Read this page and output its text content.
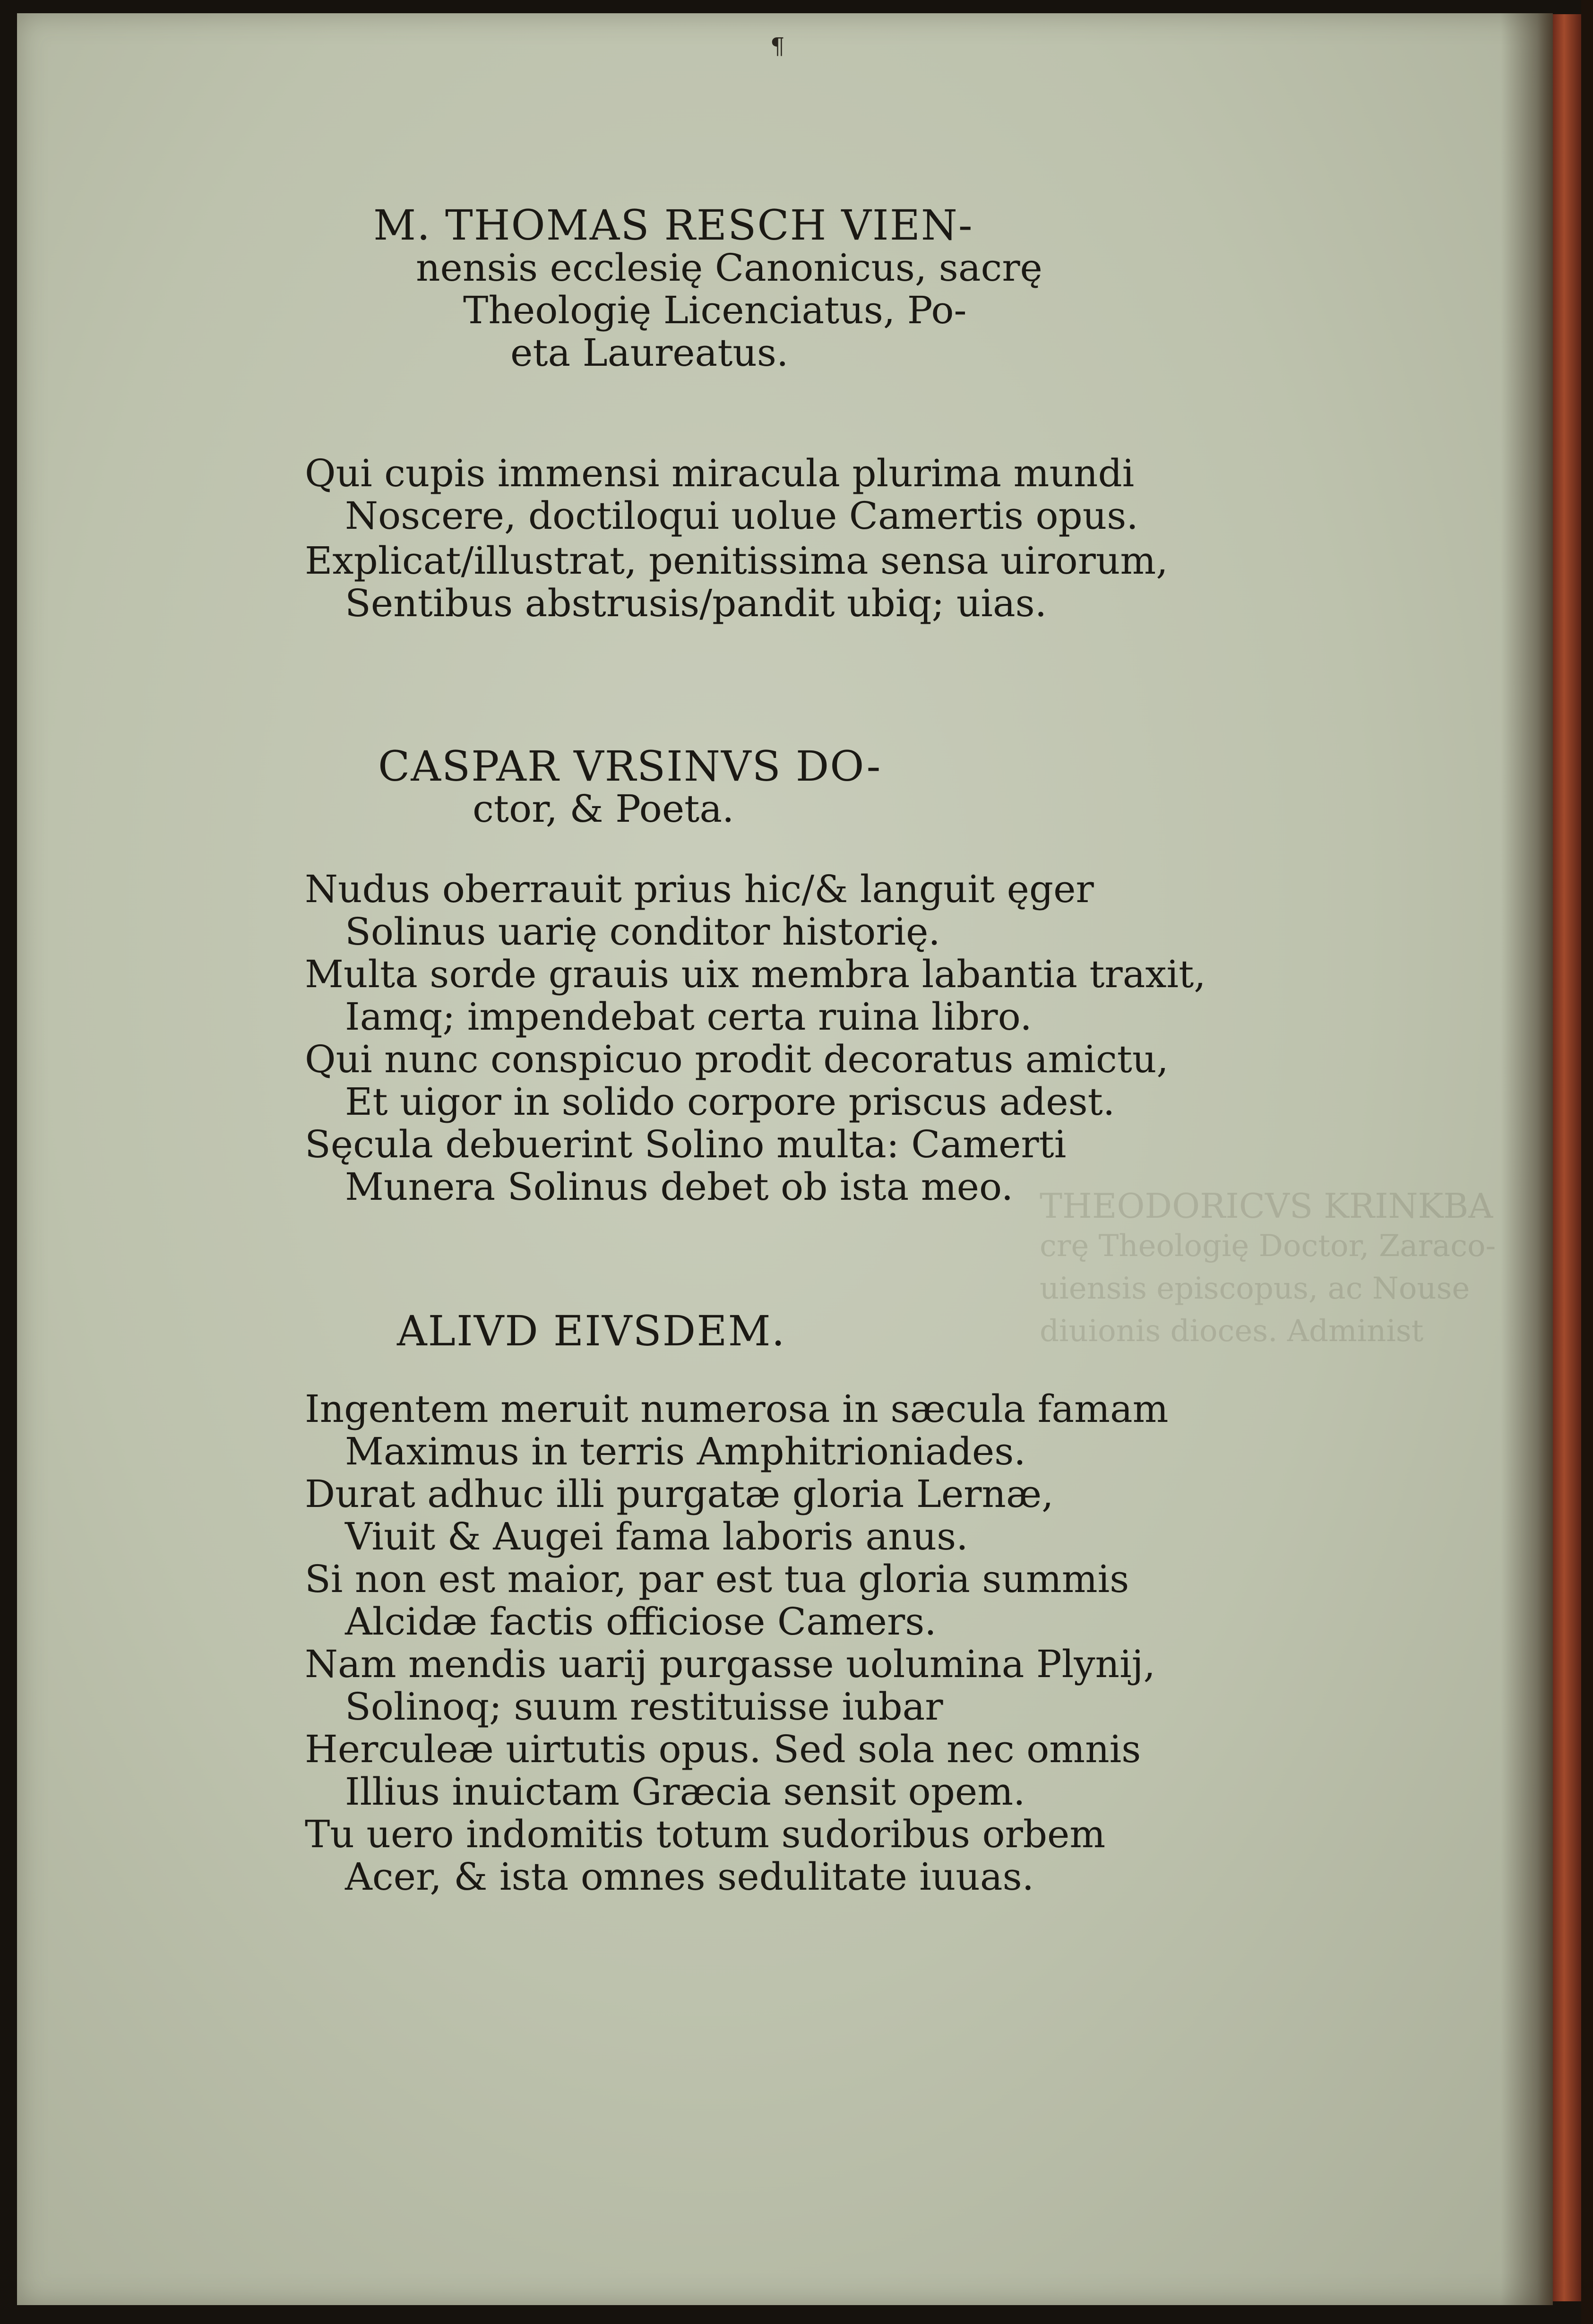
THEODORICVS KRINKBA
crę Theologię Doctor, Zaraco-
uiensis episcopus, ac Nouse
diuionis dioces. Administ
¶
M. THOMAS RESCH VIEN-
nensis ecclesię Canonicus, sacrę
Theologię Licenciatus, Po-
eta Laureatus.
Qui cupis immensi miracula plurima mundi
Noscere, doctiloqui uolue Camertis opus.
Explicat/illustrat, penitissima sensa uirorum,
Sentibus abstrusis/pandit ubiq; uias.
CASPAR VRSINVS DO-
ctor, & Poeta.
Nudus oberrauit prius hic/& languit ęger
Solinus uarię conditor historię.
Multa sorde grauis uix membra labantia traxit,
Iamq; impendebat certa ruina libro.
Qui nunc conspicuo prodit decoratus amictu,
Et uigor in solido corpore priscus adest.
Sęcula debuerint Solino multa: Camerti
Munera Solinus debet ob ista meo.
ALIVD EIVSDEM.
Ingentem meruit numerosa in sæcula famam
Maximus in terris Amphitrioniades.
Durat adhuc illi purgatæ gloria Lernæ,
Viuit & Augei fama laboris anus.
Si non est maior, par est tua gloria summis
Alcidæ factis officiose Camers.
Nam mendis uarij purgasse uolumina Plynij,
Solinoq; suum restituisse iubar
Herculeæ uirtutis opus. Sed sola nec omnis
Illius inuictam Græcia sensit opem.
Tu uero indomitis totum sudoribus orbem
Acer, & ista omnes sedulitate iuuas.
